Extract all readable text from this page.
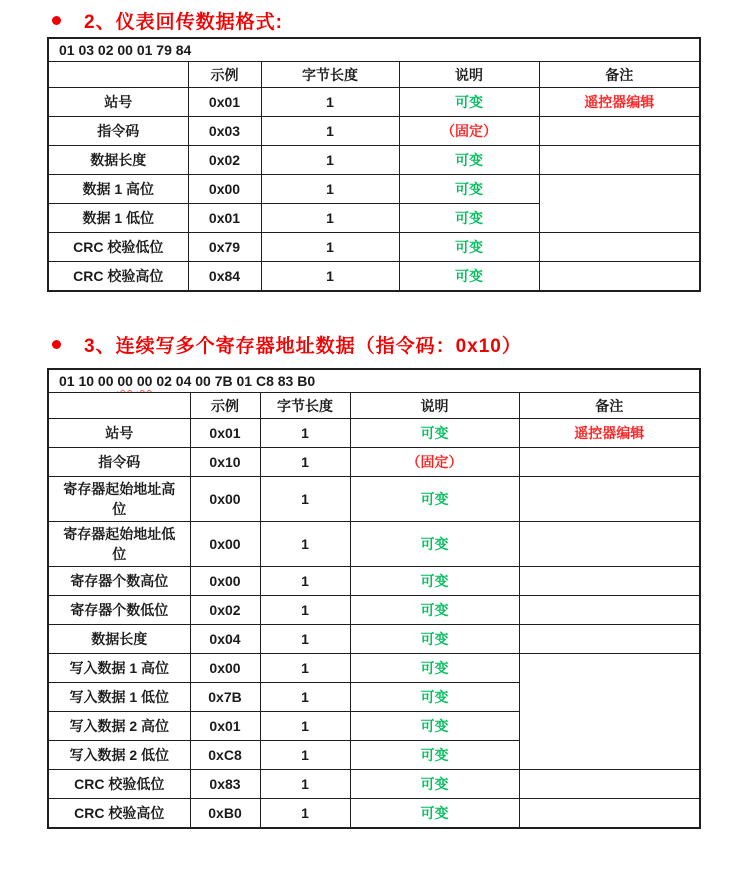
2、仪表回传数据格式:
01 03 02 00 01 79 84				
	示例	字节长度	说明	备注
站号	0x01	1	可变	遥控器编辑
指令码	0x03	1	（固定）	
数据长度	0x02	1	可变	
数据 1 高位	0x00	1	可变	
数据 1 低位	0x01	1	可变	
CRC 校验低位	0x79	1	可变	
CRC 校验高位	0x84	1	可变	
3、连续写多个寄存器地址数据（指令码：0x10）
01 10 00 00 00 02 04 00 7B 01 C8 83 B0				
	示例	字节长度	说明	备注
站号	0x01	1	可变	遥控器编辑
指令码	0x10	1	（固定）	
寄存器起始地址高位	0x00	1	可变	
寄存器起始地址低位	0x00	1	可变	
寄存器个数高位	0x00	1	可变	
寄存器个数低位	0x02	1	可变	
数据长度	0x04	1	可变	
写入数据 1 高位	0x00	1	可变	
写入数据 1 低位	0x7B	1	可变	
写入数据 2 高位	0x01	1	可变	
写入数据 2 低位	0xC8	1	可变	
CRC 校验低位	0x83	1	可变	
CRC 校验高位	0xB0	1	可变	
